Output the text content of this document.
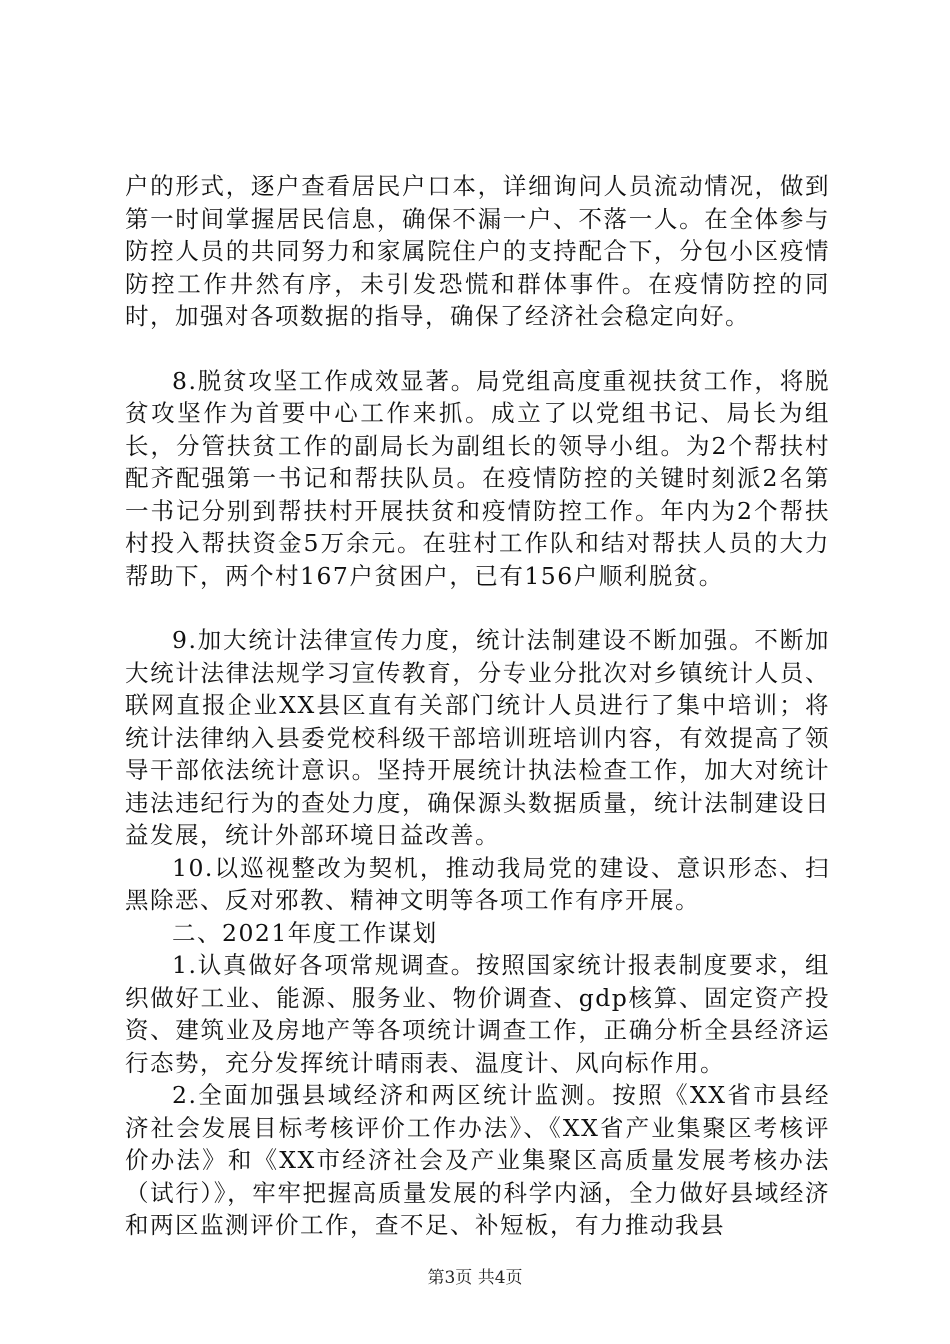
户的形式，逐户查看居民户口本，详细询问人员流动情况，做到第一时间掌握居民信息，确保不漏一户、不落一人。在全体参与防控人员的共同努力和家属院住户的支持配合下，分包小区疫情防控工作井然有序，未引发恐慌和群体事件。在疫情防控的同时，加强对各项数据的指导，确保了经济社会稳定向好。

8.脱贫攻坚工作成效显著。局党组高度重视扶贫工作，将脱贫攻坚作为首要中心工作来抓。成立了以党组书记、局长为组长，分管扶贫工作的副局长为副组长的领导小组。为2个帮扶村配齐配强第一书记和帮扶队员。在疫情防控的关键时刻派2名第一书记分别到帮扶村开展扶贫和疫情防控工作。年内为2个帮扶村投入帮扶资金5万余元。在驻村工作队和结对帮扶人员的大力帮助下，两个村167户贫困户，已有156户顺利脱贫。

9.加大统计法律宣传力度，统计法制建设不断加强。不断加大统计法律法规学习宣传教育，分专业分批次对乡镇统计人员、联网直报企业XX县区直有关部门统计人员进行了集中培训；将统计法律纳入县委党校科级干部培训班培训内容，有效提高了领导干部依法统计意识。坚持开展统计执法检查工作，加大对统计违法违纪行为的查处力度，确保源头数据质量，统计法制建设日益发展，统计外部环境日益改善。

10.以巡视整改为契机，推动我局党的建设、意识形态、扫黑除恶、反对邪教、精神文明等各项工作有序开展。

二、2021年度工作谋划

1.认真做好各项常规调查。按照国家统计报表制度要求，组织做好工业、能源、服务业、物价调查、gdp核算、固定资产投资、建筑业及房地产等各项统计调查工作，正确分析全县经济运行态势，充分发挥统计晴雨表、温度计、风向标作用。

2.全面加强县域经济和两区统计监测。按照《XX省市县经济社会发展目标考核评价工作办法》、《XX省产业集聚区考核评价办法》和《XX市经济社会及产业集聚区高质量发展考核办法（试行）》，牢牢把握高质量发展的科学内涵，全力做好县域经济和两区监测评价工作，查不足、补短板，有力推动我县

第3页 共4页
